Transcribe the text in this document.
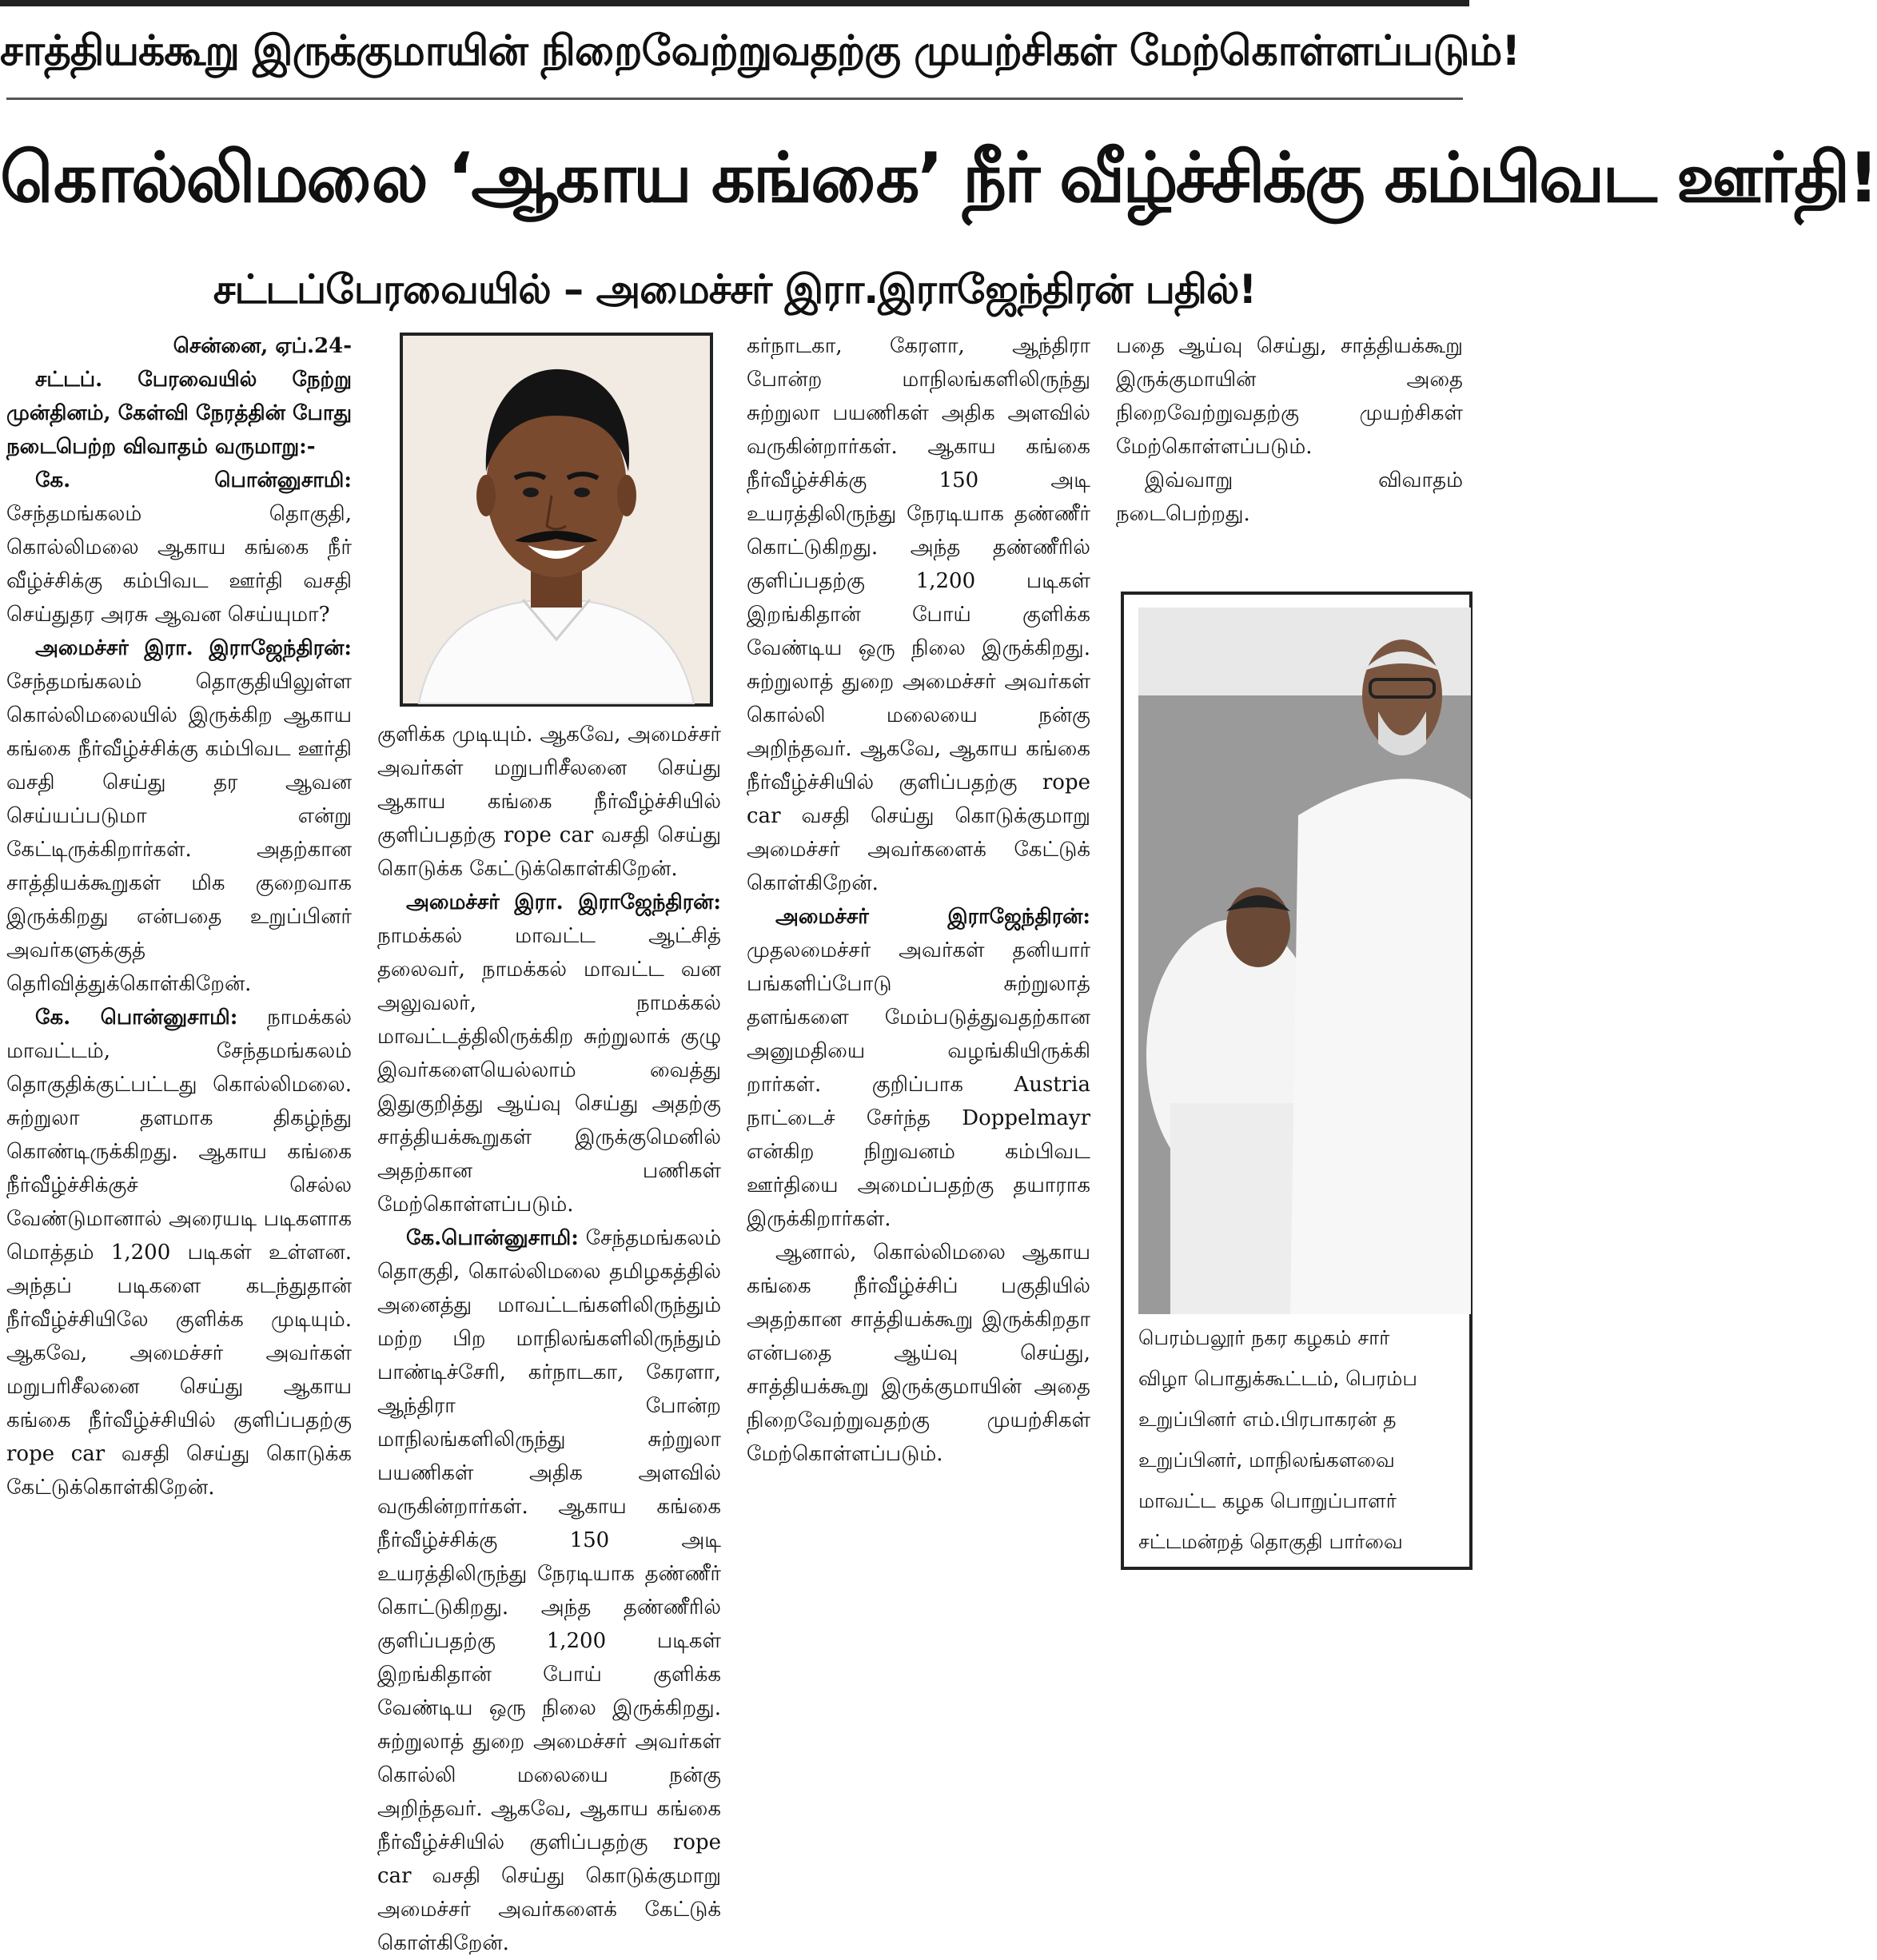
சாத்தியக்கூறு இருக்குமாயின் நிறைவேற்றுவதற்கு முயற்சிகள் மேற்கொள்ளப்படும்!
கொல்லிமலை ‘ஆகாய கங்கை’ நீர் வீழ்ச்சிக்கு கம்பிவட ஊர்தி!
சட்டப்பேரவையில் – அமைச்சர் இரா.இராஜேந்திரன் பதில்!

சென்னை, ஏப்.24-

சட்டப். பேரவையில் நேற்று முன்தினம், கேள்வி நேரத்தின் போது நடைபெற்ற விவாதம் வருமாறு:-

கே. பொன்னுசாமி: சேந்தமங்கலம் தொகுதி, கொல்லிமலை ஆகாய கங்கை நீர் வீழ்ச்சிக்கு கம்பிவட ஊர்தி வசதி செய்துதர அரசு ஆவன செய்யுமா?

அமைச்சர் இரா. இராஜேந்திரன்: சேந்தமங்கலம் தொகுதியிலுள்ள கொல்லிமலையில் இருக்கிற ஆகாய கங்கை நீர்வீழ்ச்சிக்கு கம்பிவட ஊர்தி வசதி செய்து தர ஆவன செய்யப்படுமா என்று கேட்டிருக்கிறார்கள். அதற்கான சாத்தியக்கூறுகள் மிக குறைவாக இருக்கிறது என்பதை உறுப்பினர் அவர்களுக்குத் தெரிவித்துக்கொள்கிறேன்.

கே. பொன்னுசாமி: நாமக்கல் மாவட்டம், சேந்தமங்கலம் தொகுதிக்குட்பட்டது கொல்லிமலை. சுற்றுலா தளமாக திகழ்ந்து கொண்டிருக்கிறது. ஆகாய கங்கை நீர்வீழ்ச்சிக்குச் செல்ல வேண்டுமானால் அரையடி படிகளாக மொத்தம் 1,200 படிகள் உள்ளன. அந்தப் படிகளை கடந்துதான் நீர்வீழ்ச்சியிலே குளிக்க முடியும். ஆகவே, அமைச்சர் அவர்கள் மறுபரிசீலனை செய்து ஆகாய கங்கை நீர்வீழ்ச்சியில் குளிப்பதற்கு rope car வசதி செய்து கொடுக்க கேட்டுக்கொள்கிறேன்.

குளிக்க முடியும். ஆகவே, அமைச்சர் அவர்கள் மறுபரிசீலனை செய்து ஆகாய கங்கை நீர்வீழ்ச்சியில் குளிப்பதற்கு rope car வசதி செய்து கொடுக்க கேட்டுக்கொள்கிறேன்.

அமைச்சர் இரா. இராஜேந்திரன்: நாமக்கல் மாவட்ட ஆட்சித் தலைவர், நாமக்கல் மாவட்ட வன அலுவலர், நாமக்கல் மாவட்டத்திலிருக்கிற சுற்றுலாக் குழு இவர்களையெல்லாம் வைத்து இதுகுறித்து ஆய்வு செய்து அதற்கு சாத்தியக்கூறுகள் இருக்குமெனில் அதற்கான பணிகள் மேற்கொள்ளப்படும்.

கே.பொன்னுசாமி: சேந்தமங்கலம் தொகுதி, கொல்லிமலை தமிழகத்தில் அனைத்து மாவட்டங்களிலிருந்தும் மற்ற பிற மாநிலங்களிலிருந்தும் பாண்டிச்சேரி, கர்நாடகா, கேரளா, ஆந்திரா போன்ற மாநிலங்களிலிருந்து சுற்றுலா பயணிகள் அதிக அளவில் வருகின்றார்கள். ஆகாய கங்கை நீர்வீழ்ச்சிக்கு 150 அடி உயரத்திலிருந்து நேரடியாக தண்ணீர் கொட்டுகிறது. அந்த தண்ணீரில் குளிப்பதற்கு 1,200 படிகள் இறங்கிதான் போய் குளிக்க வேண்டிய ஒரு நிலை இருக்கிறது. சுற்றுலாத் துறை அமைச்சர் அவர்கள் கொல்லி மலையை நன்கு அறிந்தவர். ஆகவே, ஆகாய கங்கை நீர்வீழ்ச்சியில் குளிப்பதற்கு rope car வசதி செய்து கொடுக்குமாறு அமைச்சர் அவர்களைக் கேட்டுக் கொள்கிறேன்.

கர்நாடகா, கேரளா, ஆந்திரா போன்ற மாநிலங்களிலிருந்து சுற்றுலா பயணிகள் அதிக அளவில் வருகின்றார்கள். ஆகாய கங்கை நீர்வீழ்ச்சிக்கு 150 அடி உயரத்திலிருந்து நேரடியாக தண்ணீர் கொட்டுகிறது. அந்த தண்ணீரில் குளிப்பதற்கு 1,200 படிகள் இறங்கிதான் போய் குளிக்க வேண்டிய ஒரு நிலை இருக்கிறது. சுற்றுலாத் துறை அமைச்சர் அவர்கள் கொல்லி மலையை நன்கு அறிந்தவர். ஆகவே, ஆகாய கங்கை நீர்வீழ்ச்சியில் குளிப்பதற்கு rope car வசதி செய்து கொடுக்குமாறு அமைச்சர் அவர்களைக் கேட்டுக் கொள்கிறேன்.

அமைச்சர் இராஜேந்திரன்: முதலமைச்சர் அவர்கள் தனியார் பங்களிப்போடு சுற்றுலாத் தளங்களை மேம்படுத்துவதற்கான அனுமதியை வழங்கியிருக்கி றார்கள். குறிப்பாக Austria நாட்டைச் சேர்ந்த Doppelmayr என்கிற நிறுவனம் கம்பிவட ஊர்தியை அமைப்பதற்கு தயாராக இருக்கிறார்கள்.

ஆனால், கொல்லிமலை ஆகாய கங்கை நீர்வீழ்ச்சிப் பகுதியில் அதற்கான சாத்தியக்கூறு இருக்கிறதா என்பதை ஆய்வு செய்து, சாத்தியக்கூறு இருக்குமாயின் அதை நிறைவேற்றுவதற்கு முயற்சிகள் மேற்கொள்ளப்படும்.

பதை ஆய்வு செய்து, சாத்தியக்கூறு இருக்குமாயின் அதை நிறைவேற்றுவதற்கு முயற்சிகள் மேற்கொள்ளப்படும்.

இவ்வாறு விவாதம் நடைபெற்றது.

பெரம்பலூர் நகர கழகம் சார்
விழா பொதுக்கூட்டம், பெரம்ப
உறுப்பினர் எம்.பிரபாகரன் த
உறுப்பினர், மாநிலங்களவை
மாவட்ட கழக பொறுப்பாளர்
சட்டமன்றத் தொகுதி பார்வை
